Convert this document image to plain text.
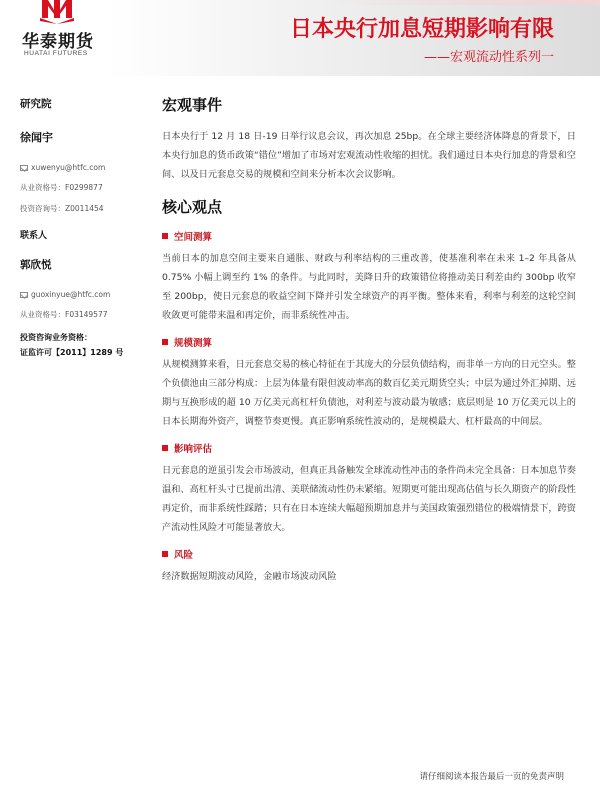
华泰期货
HUATAI FUTURES
日本央行加息短期影响有限
——宏观流动性系列一
研究院
徐闻宇
xuwenyu@htfc.com
从业资格号：F0299877
投资咨询号：Z0011454
联系人
郭欣悦
guoxinyue@htfc.com
从业资格号：F03149577
投资咨询业务资格：
证监许可【2011】1289 号
宏观事件

日本央行于 12 月 18 日-19 日举行议息会议，再次加息 25bp。在全球主要经济体降息的背景下，日本央行加息的货币政策“错位”增加了市场对宏观流动性收缩的担忧。我们通过日本央行加息的背景和空间、以及日元套息交易的规模和空间来分析本次会议影响。

核心观点
空间测算

当前日本的加息空间主要来自通胀、财政与利率结构的三重改善，使基准利率在未来 1–2 年具备从 0.75% 小幅上调至约 1% 的条件。与此同时，美降日升的政策错位将推动美日利差由约 300bp 收窄至 200bp，使日元套息的收益空间下降并引发全球资产的再平衡。整体来看，利率与利差的这轮空间收敛更可能带来温和再定价，而非系统性冲击。

规模测算

从规模测算来看，日元套息交易的核心特征在于其庞大的分层负债结构，而非单一方向的日元空头。整个负债池由三部分构成：上层为体量有限但波动率高的数百亿美元期货空头；中层为通过外汇掉期、远期与互换形成的超 10 万亿美元高杠杆负债池，对利差与波动最为敏感；底层则是 10 万亿美元以上的日本长期海外资产，调整节奏更慢。真正影响系统性波动的，是规模最大、杠杆最高的中间层。

影响评估

日元套息的逆虽引发会市场波动，但真正具备触发全球流动性冲击的条件尚未完全具备：日本加息节奏温和、高杠杆头寸已提前出清、美联储流动性仍未紧缩。短期更可能出现高估值与长久期资产的阶段性再定价，而非系统性踩踏；只有在日本连续大幅超预期加息并与美国政策强烈错位的极端情景下，跨资产流动性风险才可能显著放大。

风险

经济数据短期波动风险，金融市场波动风险

请仔细阅读本报告最后一页的免责声明
